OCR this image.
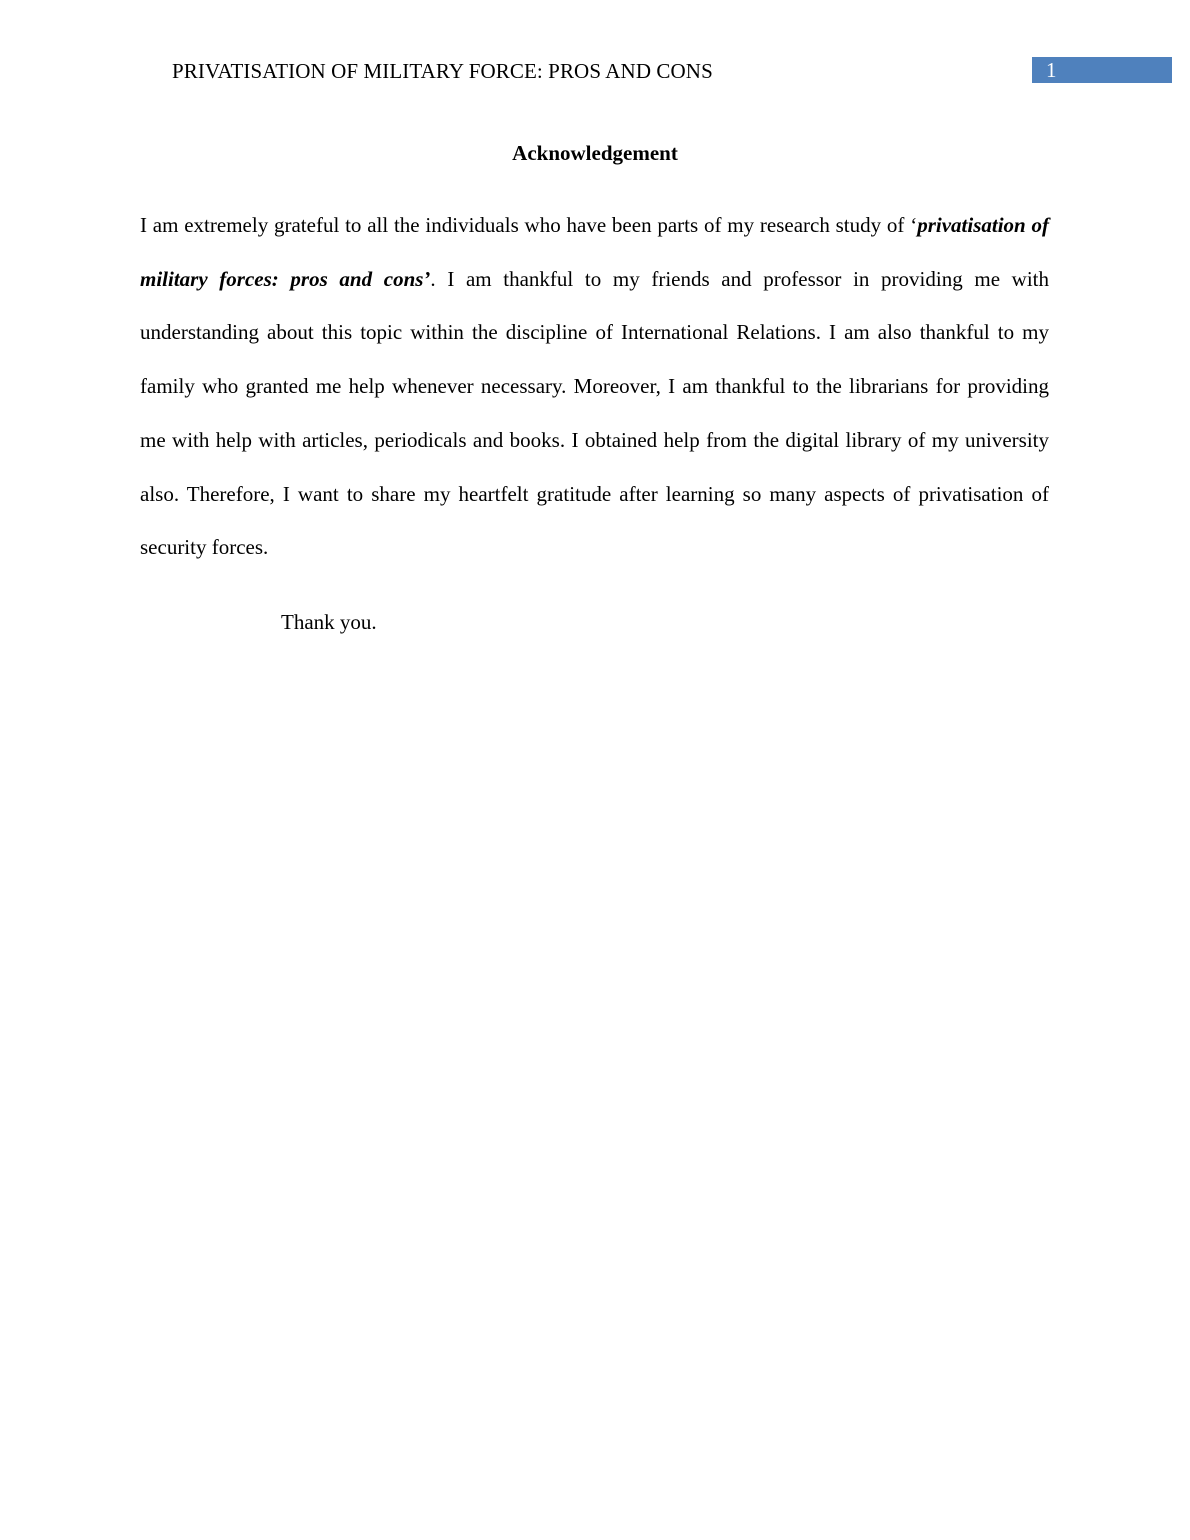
PRIVATISATION OF MILITARY FORCE: PROS AND CONS	1
Acknowledgement

I am extremely grateful to all the individuals who have been parts of my research study of ‘privatisation of military forces: pros and cons’. I am thankful to my friends and professor in providing me with understanding about this topic within the discipline of International Relations. I am also thankful to my family who granted me help whenever necessary. Moreover, I am thankful to the librarians for providing me with help with articles, periodicals and books. I obtained help from the digital library of my university also. Therefore, I want to share my heartfelt gratitude after learning so many aspects of privatisation of security forces.

Thank you.
